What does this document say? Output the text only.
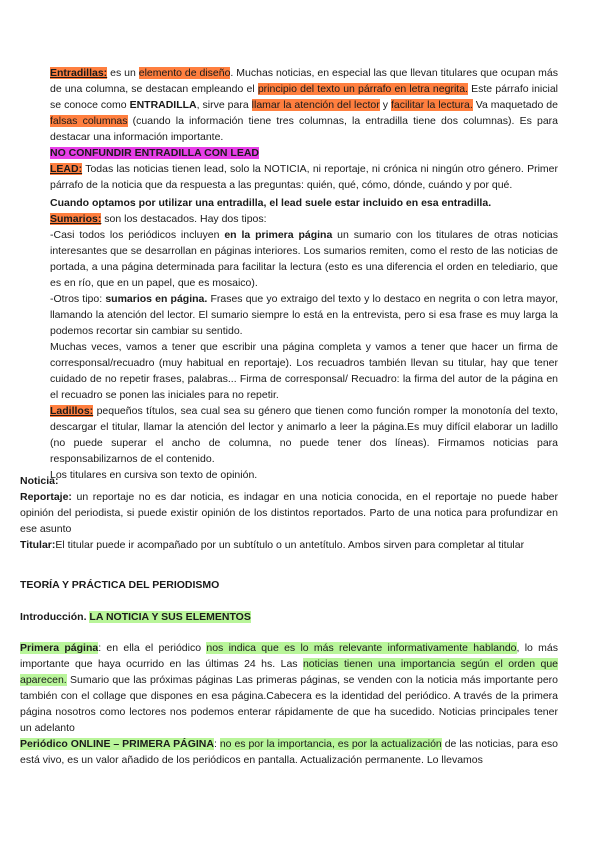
Entradillas: es un elemento de diseño. Muchas noticias, en especial las que llevan titulares que ocupan más de una columna, se destacan empleando el principio del texto un párrafo en letra negrita. Este párrafo inicial se conoce como ENTRADILLA, sirve para llamar la atención del lector y facilitar la lectura. Va maquetado de falsas columnas (cuando la información tiene tres columnas, la entradilla tiene dos columnas). Es para destacar una información importante.

NO CONFUNDIR ENTRADILLA CON LEAD

LEAD: Todas las noticias tienen lead, solo la NOTICIA, ni reportaje, ni crónica ni ningún otro género. Primer párrafo de la noticia que da respuesta a las preguntas: quién, qué, cómo, dónde, cuándo y por qué.

Cuando optamos por utilizar una entradilla, el lead suele estar incluido en esa entradilla.

Sumarios: son los destacados. Hay dos tipos:

-Casi todos los periódicos incluyen en la primera página un sumario con los titulares de otras noticias interesantes que se desarrollan en páginas interiores. Los sumarios remiten, como el resto de las noticias de portada, a una página determinada para facilitar la lectura (esto es una diferencia el orden en telediario, que es en río, que en un papel, que es mosaico).

-Otros tipo: sumarios en página. Frases que yo extraigo del texto y lo destaco en negrita o con letra mayor, llamando la atención del lector. El sumario siempre lo está en la entrevista, pero si esa frase es muy larga la podemos recortar sin cambiar su sentido.

Muchas veces, vamos a tener que escribir una página completa y vamos a tener que hacer un firma de corresponsal/recuadro (muy habitual en reportaje). Los recuadros también llevan su titular, hay que tener cuidado de no repetir frases, palabras... Firma de corresponsal/ Recuadro: la firma del autor de la página en el recuadro se ponen las iniciales para no repetir.

Ladillos: pequeños títulos, sea cual sea su género que tienen como función romper la monotonía del texto, descargar el titular, llamar la atención del lector y animarlo a leer la página.Es muy difícil elaborar un ladillo (no puede superar el ancho de columna, no puede tener dos líneas). Firmamos noticias para responsabilizarnos de el contenido.

Los titulares en cursiva son texto de opinión.

Noticia:

Reportaje: un reportaje no es dar noticia, es indagar en una noticia conocida, en el reportaje no puede haber opinión del periodista, si puede existir opinión de los distintos reportados. Parto de una notica para profundizar en ese asunto

Titular:El titular puede ir acompañado por un subtítulo o un antetítulo. Ambos sirven para completar al titular

TEORÍA Y PRÁCTICA DEL PERIODISMO

Introducción. LA NOTICIA Y SUS ELEMENTOS

Primera página: en ella el periódico nos indica que es lo más relevante informativamente hablando, lo más importante que haya ocurrido en las últimas 24 hs. Las noticias tienen una importancia según el orden que aparecen. Sumario que las próximas páginas Las primeras páginas, se venden con la noticia más importante pero también con el collage que dispones en esa página.Cabecera es la identidad del periódico. A través de la primera página nosotros como lectores nos podemos enterar rápidamente de que ha sucedido. Noticias principales tener un adelanto

Periódico ONLINE – PRIMERA PÁGINA: no es por la importancia, es por la actualización de las noticias, para eso está vivo, es un valor añadido de los periódicos en pantalla. Actualización permanente. Lo llevamos
